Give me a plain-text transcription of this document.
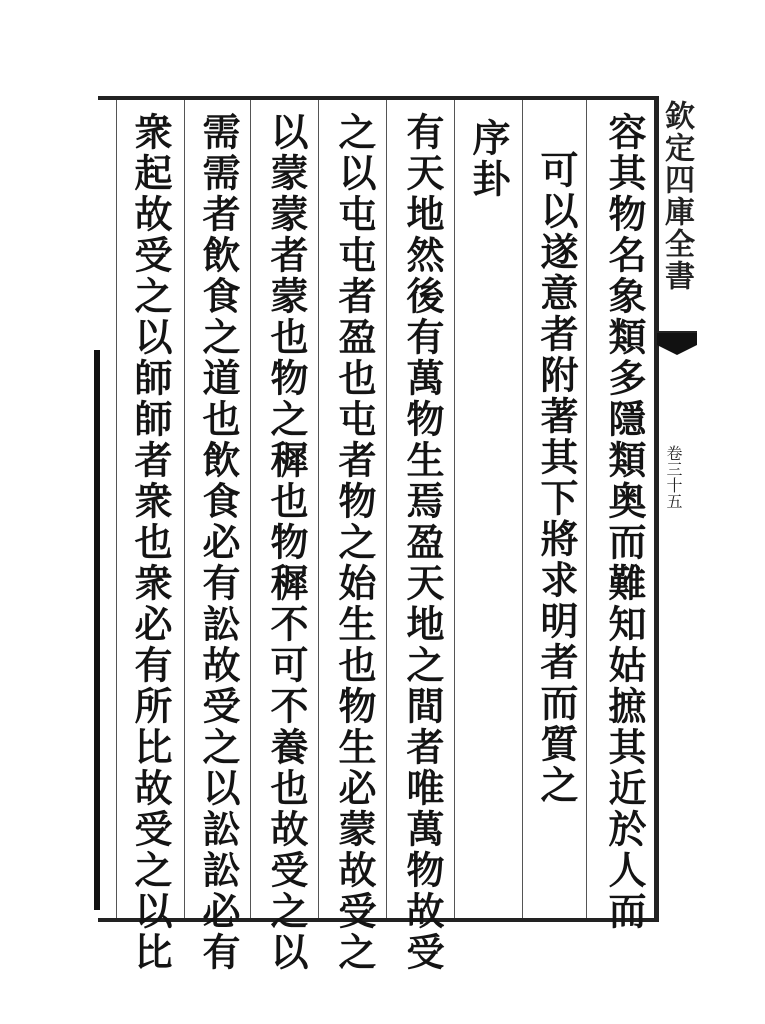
容其物名象類多隱類奥而難知姑摭其近於人而
可以遂意者附著其下將求明者而質之
序卦
有天地然後有萬物生焉盈天地之間者唯萬物故受
之以屯屯者盈也屯者物之始生也物生必蒙故受之
以蒙蒙者蒙也物之穉也物穉不可不養也故受之以
需需者飲食之道也飲食必有訟故受之以訟訟必有
衆起故受之以師師者衆也衆必有所比故受之以比	欽定四庫全書
卷三十五
